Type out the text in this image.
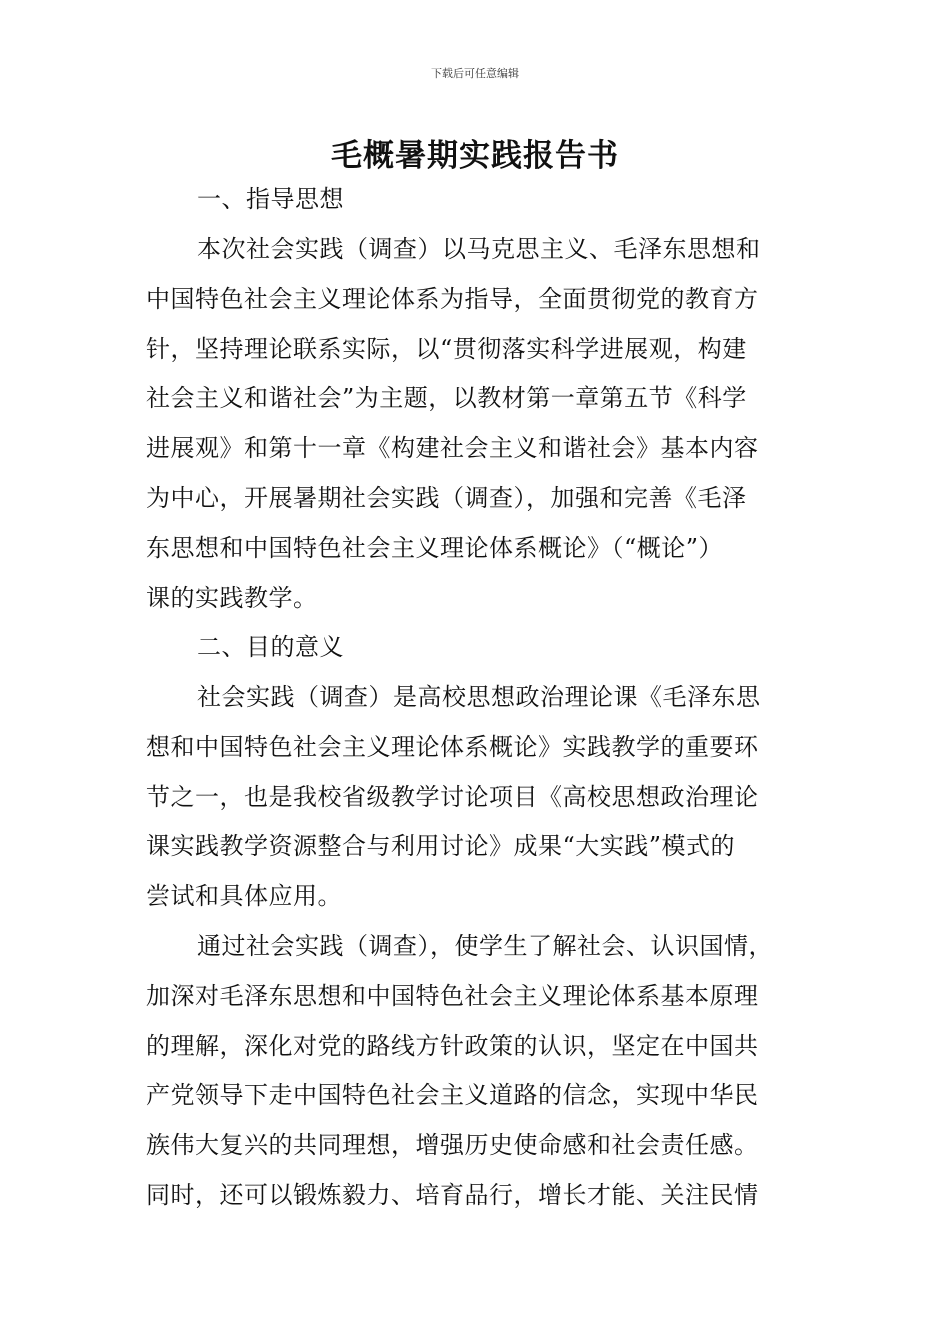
下载后可任意编辑
毛概暑期实践报告书
一、指导思想
本次社会实践（调查）以马克思主义、毛泽东思想和
中国特色社会主义理论体系为指导，全面贯彻党的教育方
针，坚持理论联系实际，以“贯彻落实科学进展观，构建
社会主义和谐社会”为主题，以教材第一章第五节《科学
进展观》和第十一章《构建社会主义和谐社会》基本内容
为中心，开展暑期社会实践（调查），加强和完善《毛泽
东思想和中国特色社会主义理论体系概论》（“概论”）
课的实践教学。
二、目的意义
社会实践（调查）是高校思想政治理论课《毛泽东思
想和中国特色社会主义理论体系概论》实践教学的重要环
节之一，也是我校省级教学讨论项目《高校思想政治理论
课实践教学资源整合与利用讨论》成果“大实践”模式的
尝试和具体应用。
通过社会实践（调查），使学生了解社会、认识国情，
加深对毛泽东思想和中国特色社会主义理论体系基本原理
的理解，深化对党的路线方针政策的认识，坚定在中国共
产党领导下走中国特色社会主义道路的信念，实现中华民
族伟大复兴的共同理想，增强历史使命感和社会责任感。
同时，还可以锻炼毅力、培育品行，增长才能、关注民情
